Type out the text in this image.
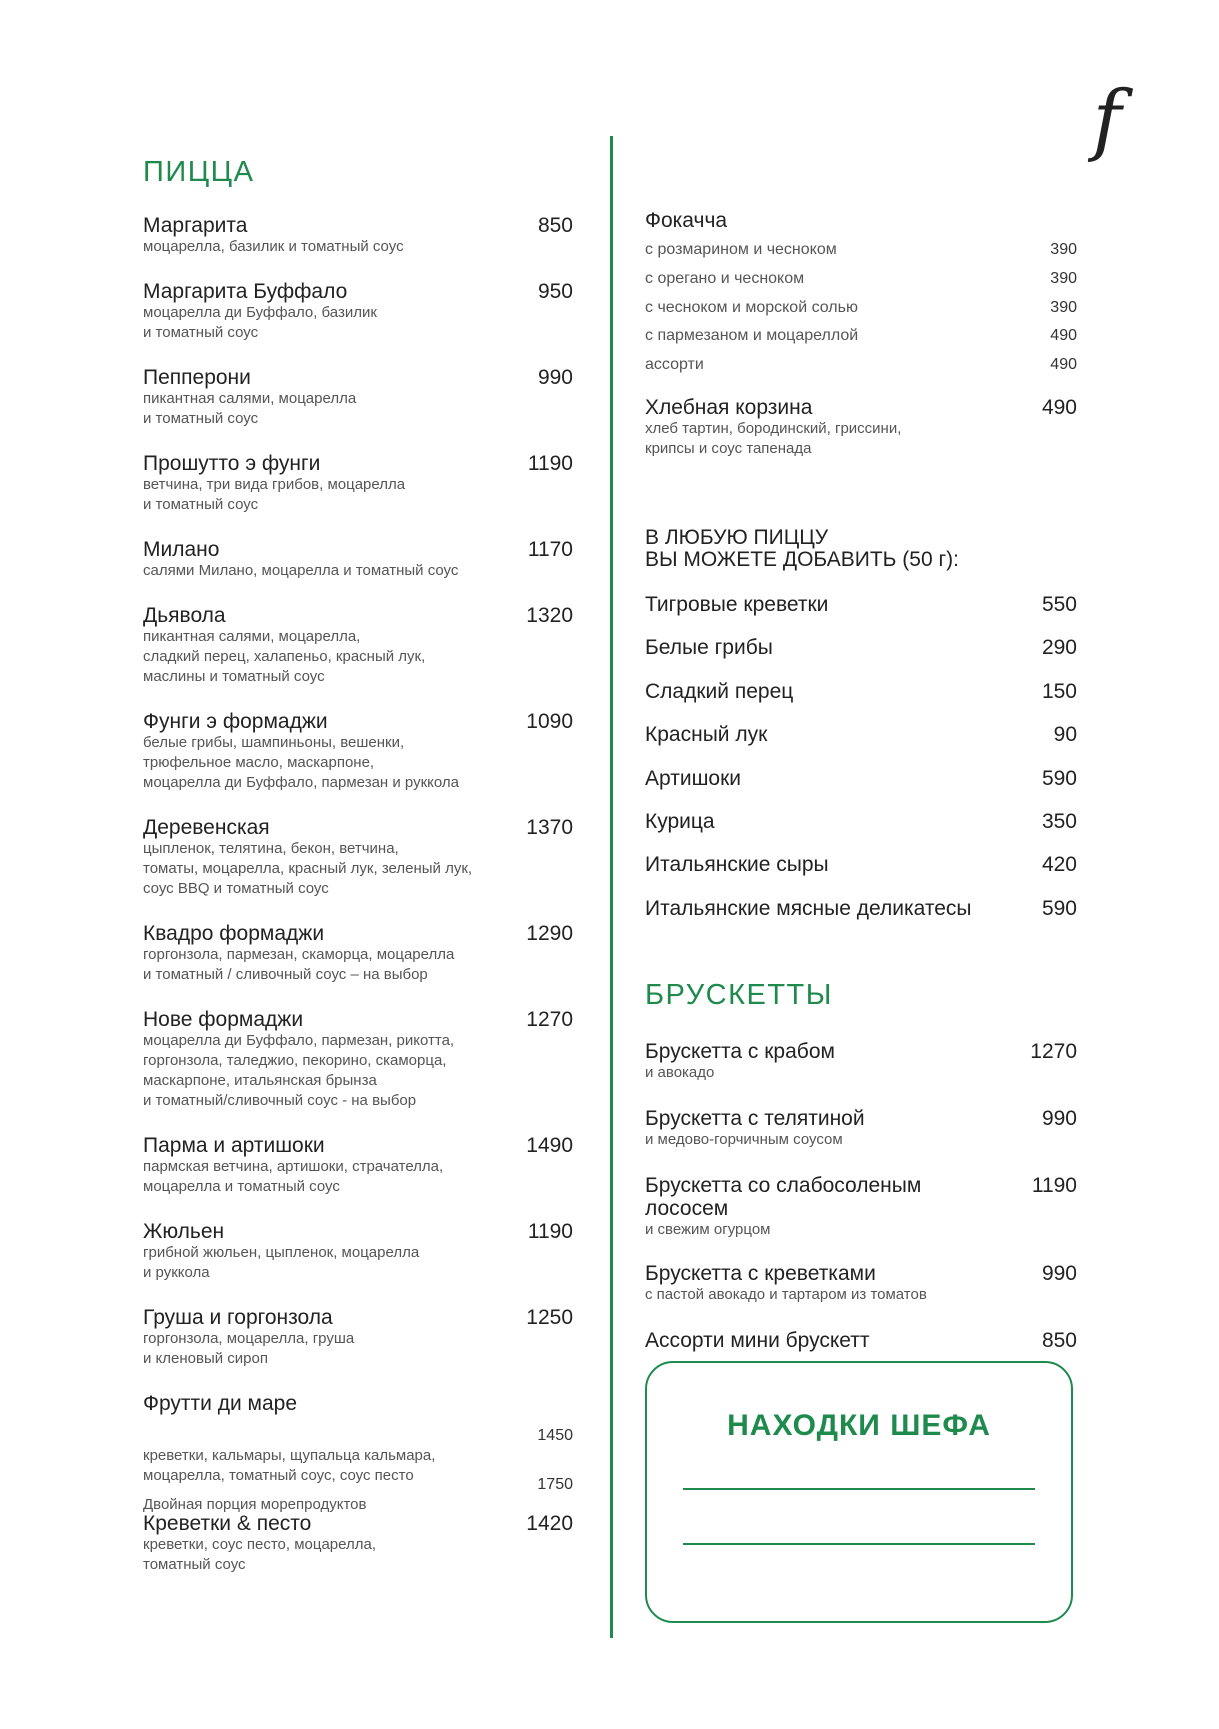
f
ПИЦЦА
Маргарита
моцарелла, базилик и томатный соус
850
Маргарита Буффало
моцарелла ди Буффало, базилик
и томатный соус
950
Пепперони
пикантная салями, моцарелла
и томатный соус
990
Прошутто э фунги
ветчина, три вида грибов, моцарелла
и томатный соус
1190
Милано
салями Милано, моцарелла и томатный соус
1170
Дьявола
пикантная салями, моцарелла,
сладкий перец, халапеньо, красный лук,
маслины и томатный соус
1320
Фунги э формаджи
белые грибы, шампиньоны, вешенки,
трюфельное масло, маскарпоне,
моцарелла ди Буффало, пармезан и руккола
1090
Деревенская
цыпленок, телятина, бекон, ветчина,
томаты, моцарелла, красный лук, зеленый лук,
соус BBQ и томатный соус
1370
Квадро формаджи
горгонзола, пармезан, скаморца, моцарелла
и томатный / сливочный соус – на выбор
1290
Нове формаджи
моцарелла ди Буффало, пармезан, рикотта,
горгонзола, таледжио, пекорино, скаморца,
маскарпоне, итальянская брынза
и томатный/сливочный соус - на выбор
1270
Парма и артишоки
пармская ветчина, артишоки, страчателла,
моцарелла и томатный соус
1490
Жюльен
грибной жюльен, цыпленок, моцарелла
и руккола
1190
Груша и горгонзола
горгонзола, моцарелла, груша
и кленовый сироп
1250
Фрутти ди маре

креветки, кальмары, щупальца кальмара,
моцарелла, томатный соус, соус песто

1450

Двойная порция морепродуктов

1750

Креветки & песто
креветки, соус песто, моцарелла,
томатный соус
1420
Фокачча
с розмарином и чесноком	390
с орегано и чесноком	390
с чесноком и морской солью	390
с пармезаном и моцареллой	490
ассорти	490
Хлебная корзина
хлеб тартин, бородинский, гриссини,
крипсы и соус тапенада
490
В ЛЮБУЮ ПИЦЦУ
ВЫ МОЖЕТЕ ДОБАВИТЬ (50 г):
Тигровые креветки	550
Белые грибы	290
Сладкий перец	150
Красный лук	90
Артишоки	590
Курица	350
Итальянские сыры	420
Итальянские мясные деликатесы	590
БРУСКЕТТЫ
Брускетта с крабом
и авокадо
1270
Брускетта с телятиной
и медово-горчичным соусом
990
Брускетта со слабосоленым
лососем
и свежим огурцом
1190
Брускетта с креветками
с пастой авокадо и тартаром из томатов
990
Ассорти мини брускетт	850
НАХОДКИ ШЕФА
